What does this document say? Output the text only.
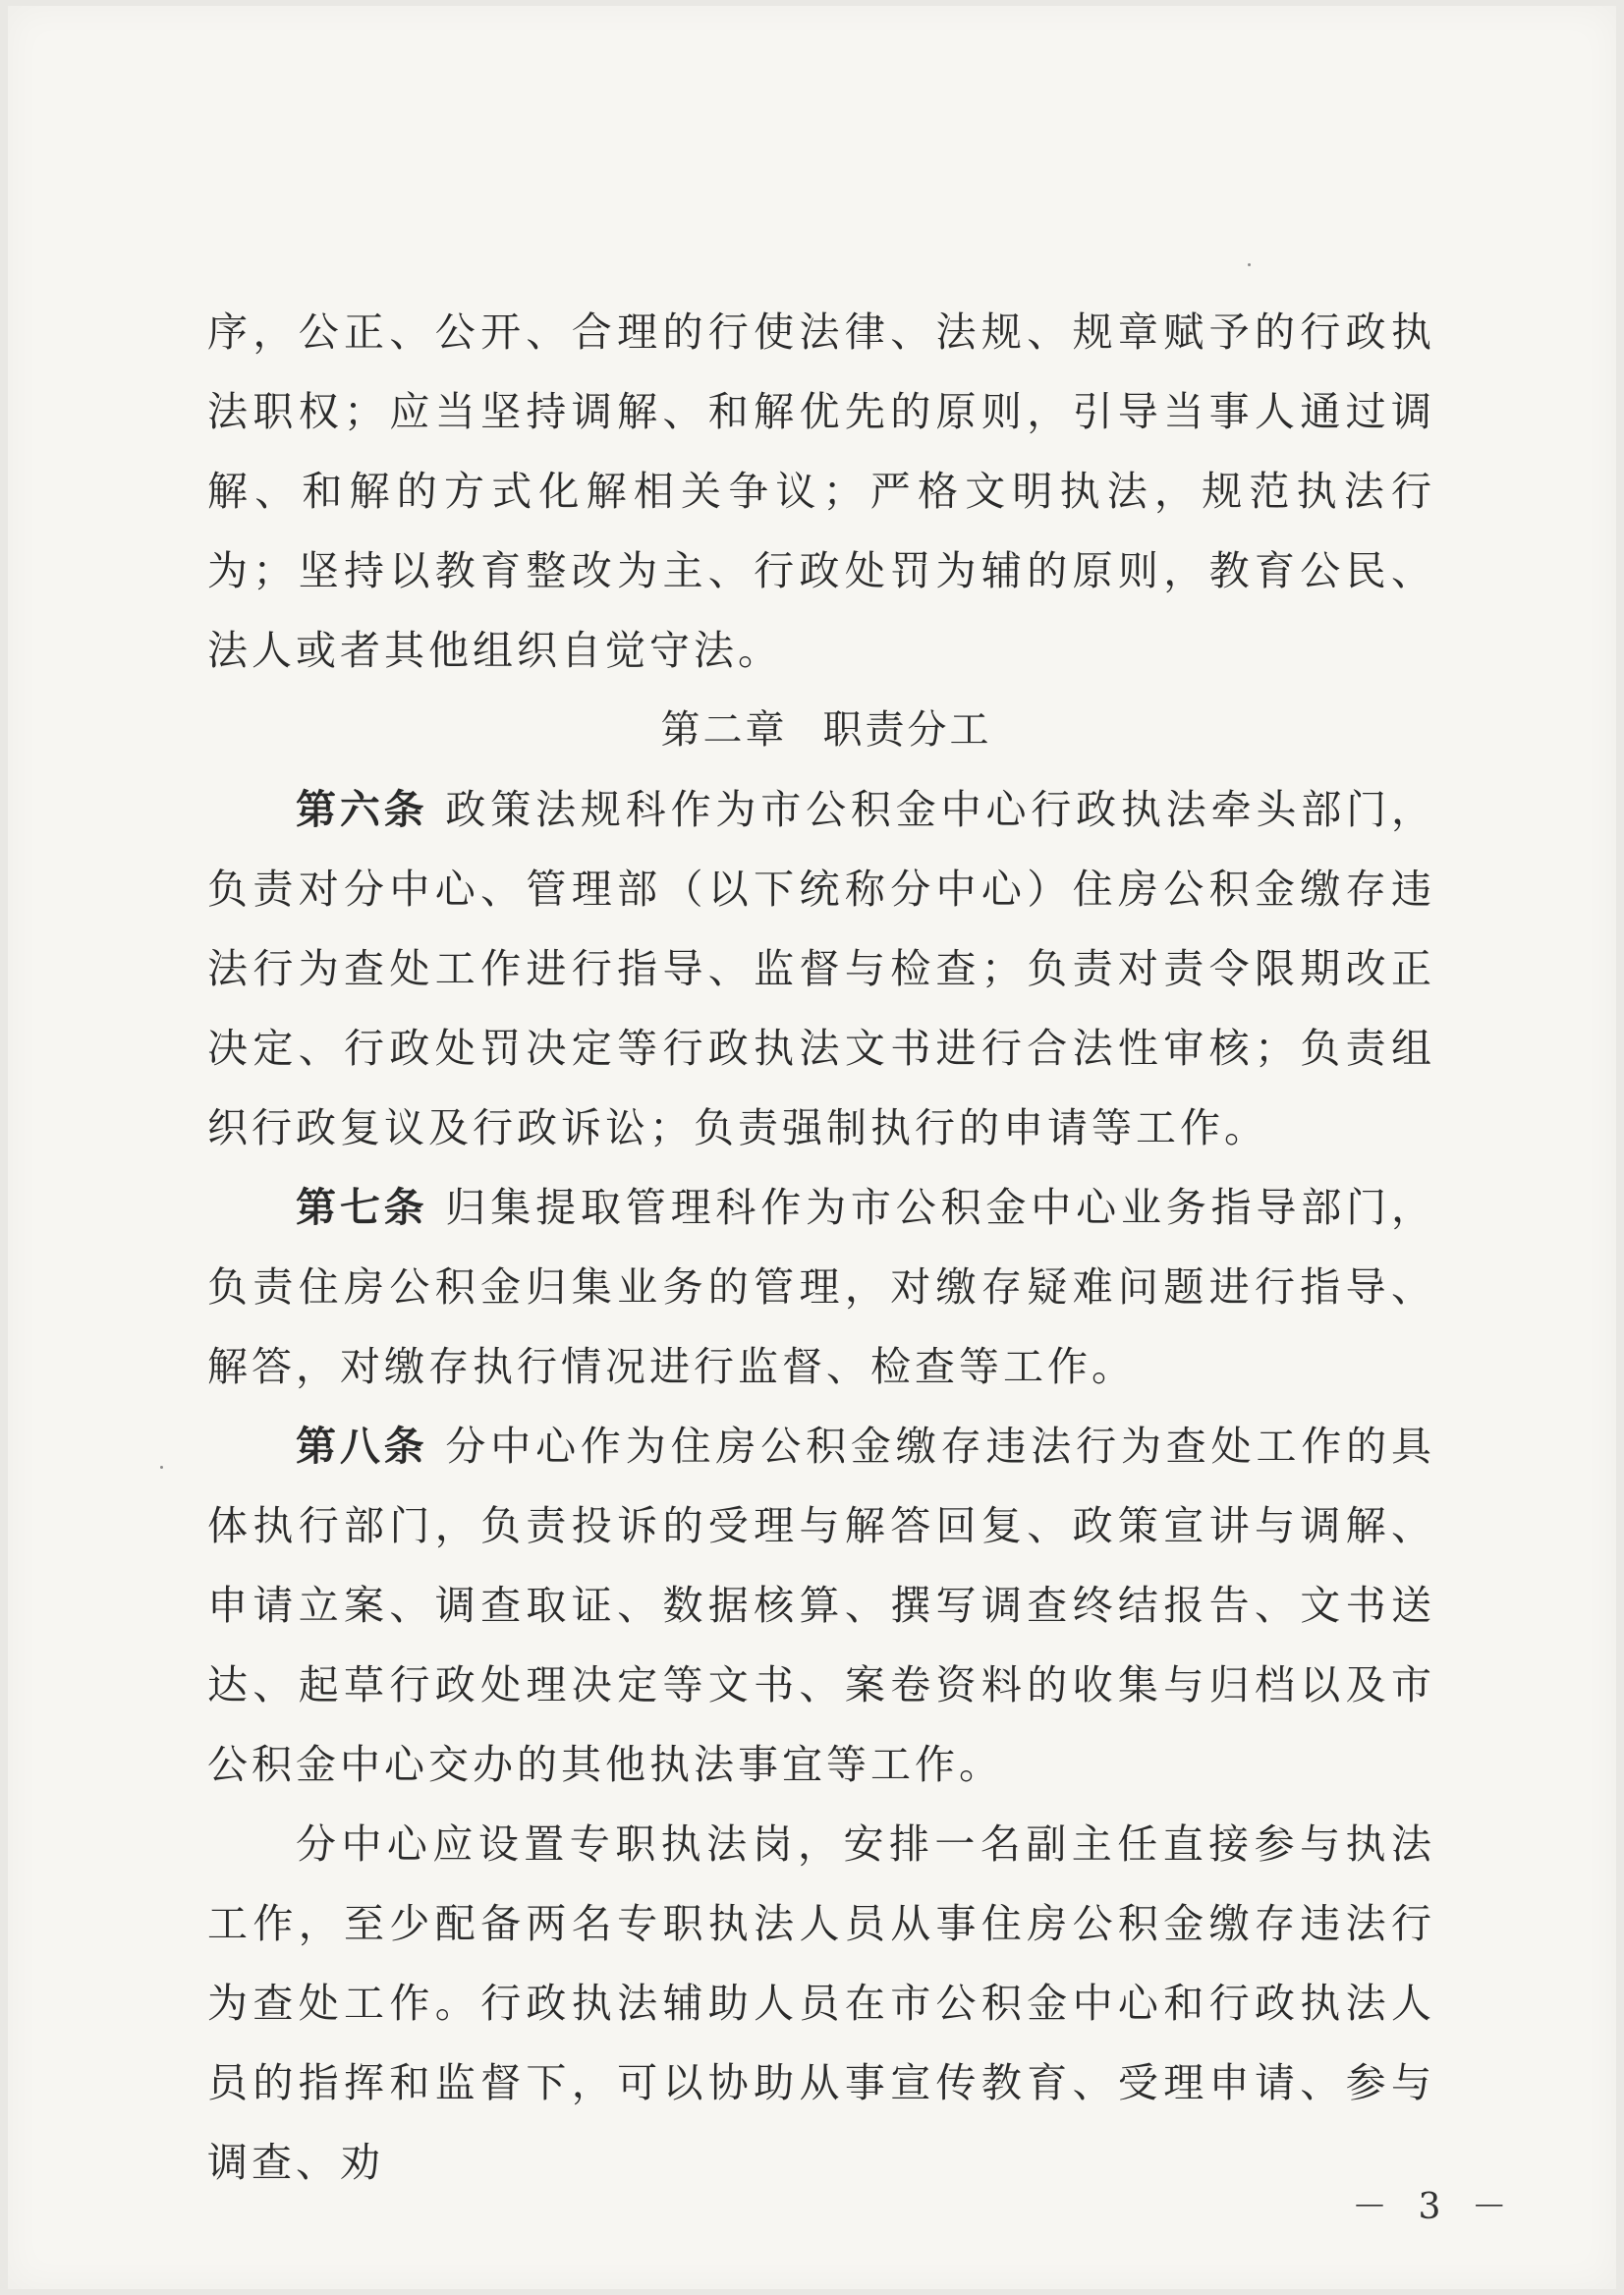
序，公正、公开、合理的行使法律、法规、规章赋予的行政执法职权；应当坚持调解、和解优先的原则，引导当事人通过调解、和解的方式化解相关争议；严格文明执法，规范执法行为；坚持以教育整改为主、行政处罚为辅的原则，教育公民、法人或者其他组织自觉守法。

第二章 职责分工

第六条 政策法规科作为市公积金中心行政执法牵头部门，负责对分中心、管理部（以下统称分中心）住房公积金缴存违法行为查处工作进行指导、监督与检查；负责对责令限期改正决定、行政处罚决定等行政执法文书进行合法性审核；负责组织行政复议及行政诉讼；负责强制执行的申请等工作。

第七条 归集提取管理科作为市公积金中心业务指导部门，负责住房公积金归集业务的管理，对缴存疑难问题进行指导、解答，对缴存执行情况进行监督、检查等工作。

第八条 分中心作为住房公积金缴存违法行为查处工作的具体执行部门，负责投诉的受理与解答回复、政策宣讲与调解、申请立案、调查取证、数据核算、撰写调查终结报告、文书送达、起草行政处理决定等文书、案卷资料的收集与归档以及市公积金中心交办的其他执法事宜等工作。

分中心应设置专职执法岗，安排一名副主任直接参与执法工作，至少配备两名专职执法人员从事住房公积金缴存违法行为查处工作。行政执法辅助人员在市公积金中心和行政执法人员的指挥和监督下，可以协助从事宣传教育、受理申请、参与调查、劝

－ 3 －
